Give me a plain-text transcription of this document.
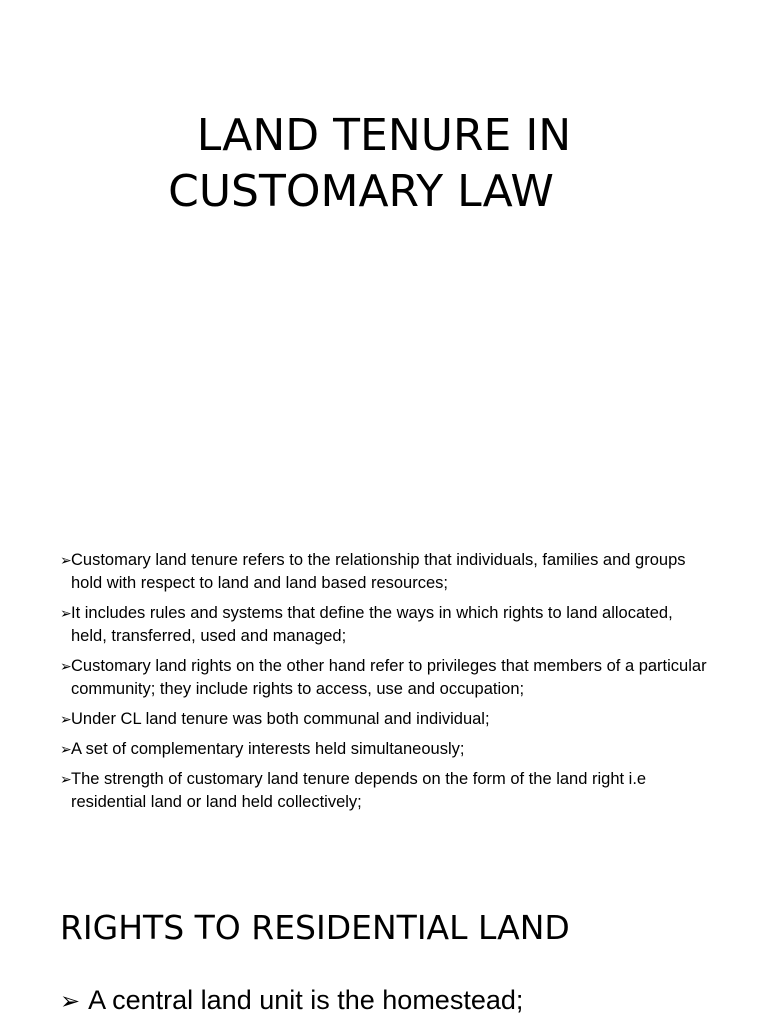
LAND TENURE IN
CUSTOMARY LAW
➢ Customary land tenure refers to the relationship that individuals, families and groups hold with respect to land and land based resources;
➢ It includes rules and systems that define the ways in which rights to land allocated, held, transferred, used and managed;
➢ Customary land rights on the other hand refer to privileges that members of a particular community; they include rights to access, use and occupation;
➢ Under CL land tenure was both communal and individual;
➢ A set of complementary interests held simultaneously;
➢ The strength of customary land tenure depends on the form of the land right i.e residential land or land held collectively;
RIGHTS TO RESIDENTIAL LAND
➢ A central land unit is the homestead;
